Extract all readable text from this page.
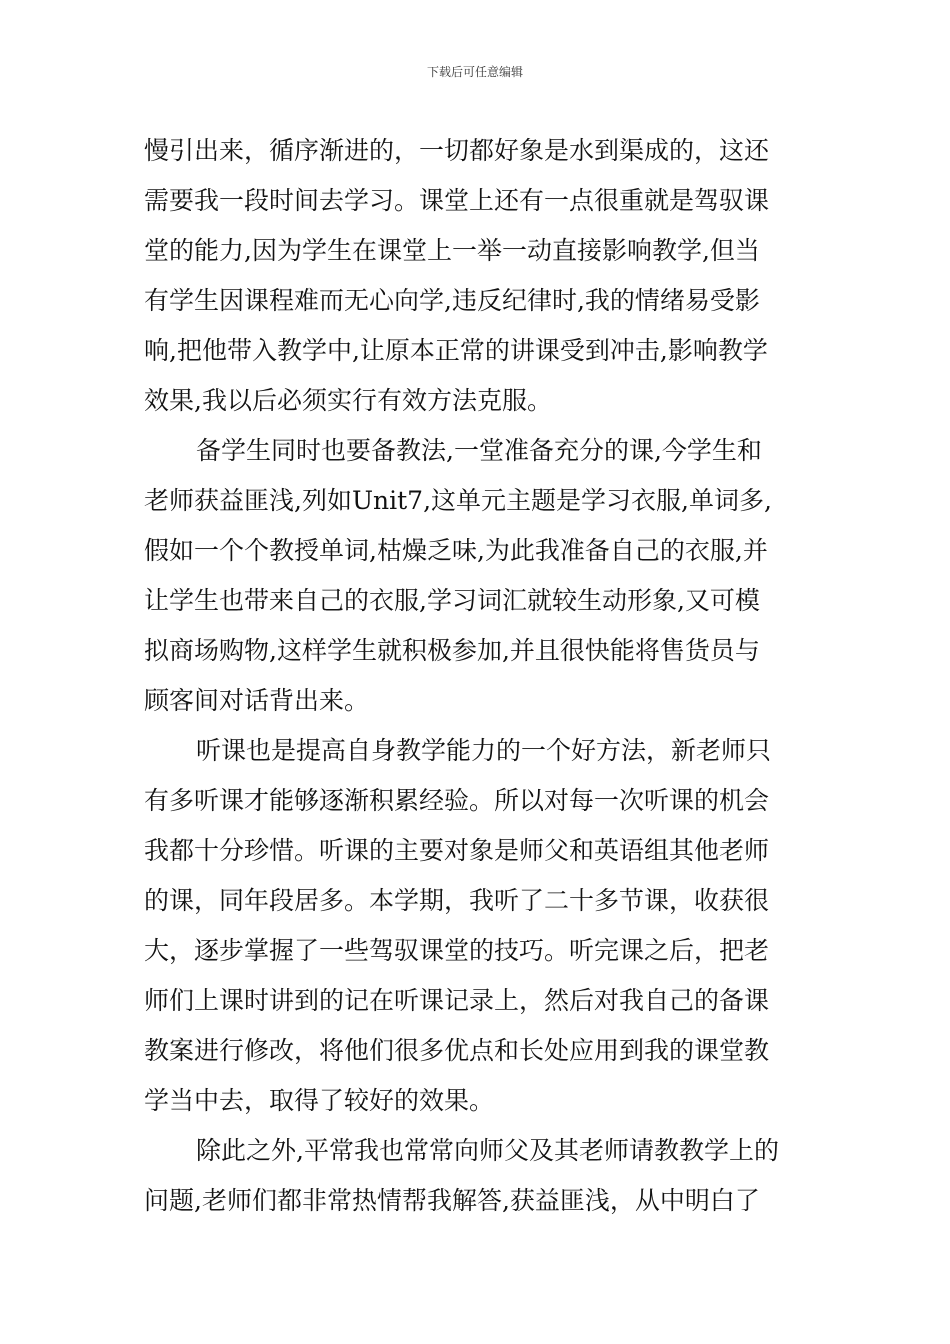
下载后可任意编辑
慢引出来，循序渐进的，一切都好象是水到渠成的，这还
需要我一段时间去学习。课堂上还有一点很重就是驾驭课
堂的能力,因为学生在课堂上一举一动直接影响教学,但当
有学生因课程难而无心向学,违反纪律时,我的情绪易受影
响,把他带入教学中,让原本正常的讲课受到冲击,影响教学
效果,我以后必须实行有效方法克服。
备学生同时也要备教法,一堂准备充分的课,今学生和
老师获益匪浅,列如Unit7,这单元主题是学习衣服,单词多,
假如一个个教授单词,枯燥乏味,为此我准备自己的衣服,并
让学生也带来自己的衣服,学习词汇就较生动形象,又可模
拟商场购物,这样学生就积极参加,并且很快能将售货员与
顾客间对话背出来。
听课也是提高自身教学能力的一个好方法，新老师只
有多听课才能够逐渐积累经验。所以对每一次听课的机会
我都十分珍惜。听课的主要对象是师父和英语组其他老师
的课，同年段居多。本学期，我听了二十多节课，收获很
大，逐步掌握了一些驾驭课堂的技巧。听完课之后，把老
师们上课时讲到的记在听课记录上，然后对我自己的备课
教案进行修改，将他们很多优点和长处应用到我的课堂教
学当中去，取得了较好的效果。
除此之外,平常我也常常向师父及其老师请教教学上的
问题,老师们都非常热情帮我解答,获益匪浅，从中明白了
